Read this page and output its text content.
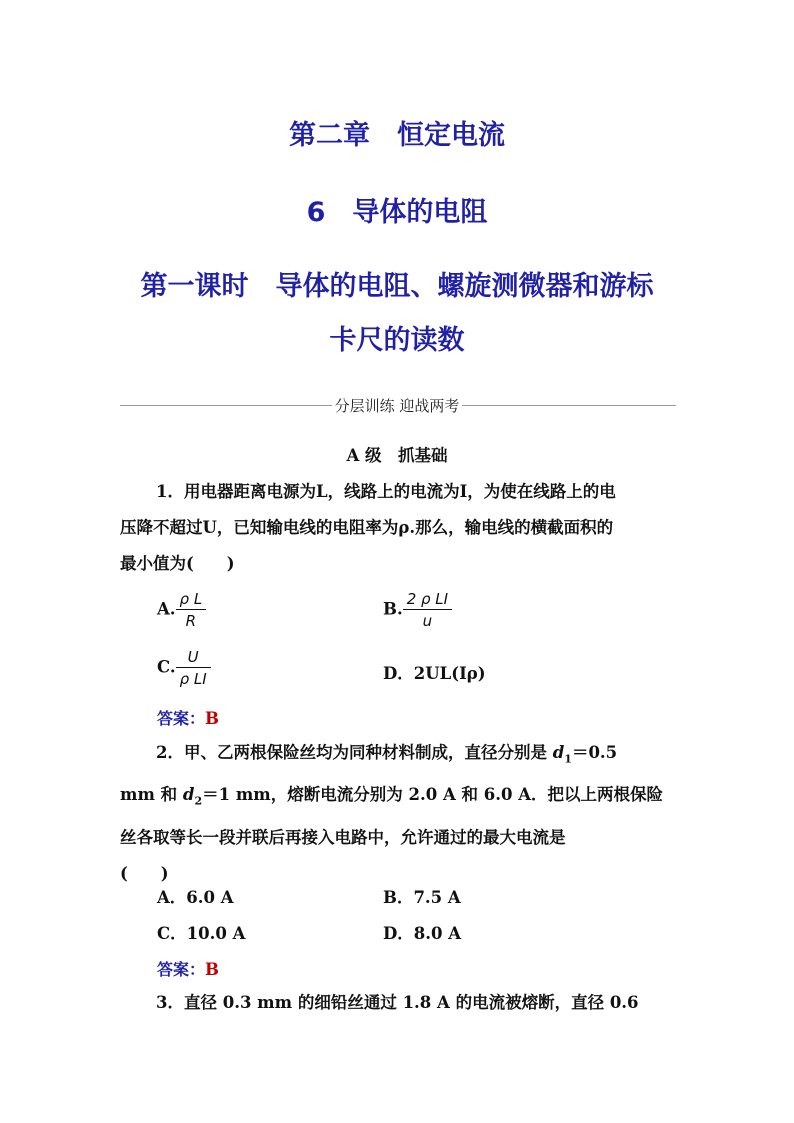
第二章　恒定电流
6　导体的电阻
第一课时　导体的电阻、螺旋测微器和游标
卡尺的读数
分层训练 迎战两考
A 级　抓基础
1．用电器距离电源为L，线路上的电流为I，为使在线路上的电
压降不超过U，已知输电线的电阻率为ρ.那么，输电线的横截面积的
最小值为(　　)
A. $\frac{\text{ρ L}}{R}$	B. $\frac{\text{2 ρ LI}}{u}$
C. $\frac{U}{\text{ρ LI}}$	D．2UL(Iρ)
答案：B
2．甲、乙两根保险丝均为同种材料制成，直径分别是 $d_1=0.5$
mm 和 $d_2=1$ mm，熔断电流分别为 2.0 A 和 6.0 A．把以上两根保险
丝各取等长一段并联后再接入电路中，允许通过的最大电流是
(　　)
A．6.0 A	B．7.5 A
C．10.0 A	D．8.0 A
答案：B
3．直径 0.3 mm 的细铅丝通过 1.8 A 的电流被熔断，直径 0.6
